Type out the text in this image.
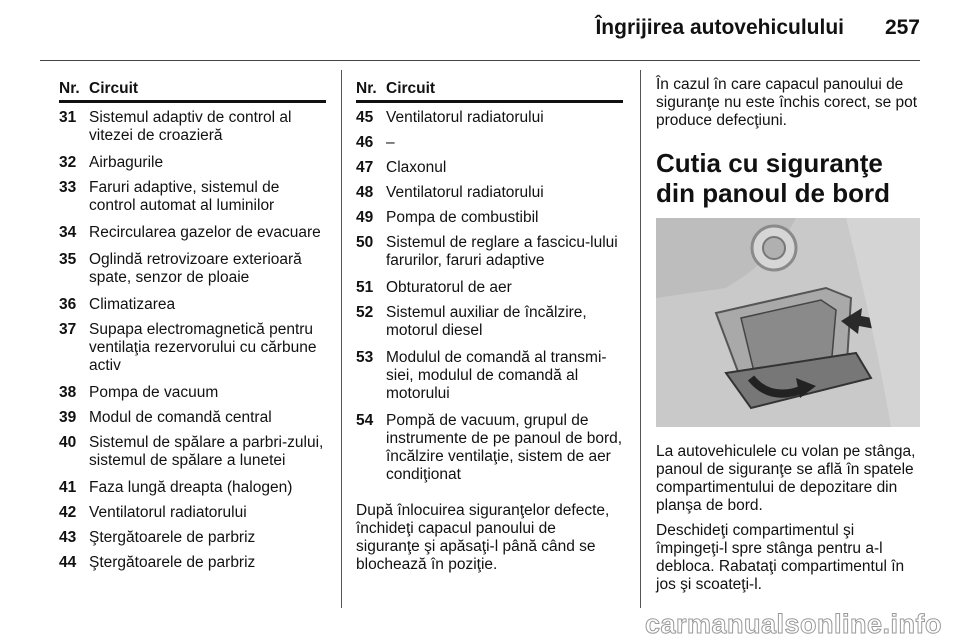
Îngrijirea autovehiculului 257
Nr. Circuit
31 Sistemul adaptiv de control al vitezei de croazieră
32 Airbagurile
33 Faruri adaptive, sistemul de control automat al luminilor
34 Recircularea gazelor de evacuare
35 Oglindă retrovizoare exterioară spate, senzor de ploaie
36 Climatizarea
37 Supapa electromagnetică pentru ventilaţia rezervorului cu cărbune activ
38 Pompa de vacuum
39 Modul de comandă central
40 Sistemul de spălare a parbri-zului, sistemul de spălare a lunetei
41 Faza lungă dreapta (halogen)
42 Ventilatorul radiatorului
43 Ştergătoarele de parbriz
44 Ştergătoarele de parbriz
Nr. Circuit
45 Ventilatorul radiatorului
46 –
47 Claxonul
48 Ventilatorul radiatorului
49 Pompa de combustibil
50 Sistemul de reglare a fascicu-lului farurilor, faruri adaptive
51 Obturatorul de aer
52 Sistemul auxiliar de încălzire, motorul diesel
53 Modulul de comandă al transmi-siei, modulul de comandă al motorului
54 Pompă de vacuum, grupul de instrumente de pe panoul de bord, încălzire ventilaţie, sistem de aer condiţionat

După înlocuirea siguranţelor defecte, închideţi capacul panoului de siguranţe şi apăsaţi-l până când se blochează în poziţie.

În cazul în care capacul panoului de siguranţe nu este închis corect, se pot produce defecţiuni.

Cutia cu siguranţe din panoul de bord

La autovehiculele cu volan pe stânga, panoul de siguranţe se află în spatele compartimentului de depozitare din planşa de bord.

Deschideţi compartimentul şi împingeţi-l spre stânga pentru a-l debloca. Rabataţi compartimentul în jos şi scoateţi-l.

carmanualsonline.info
